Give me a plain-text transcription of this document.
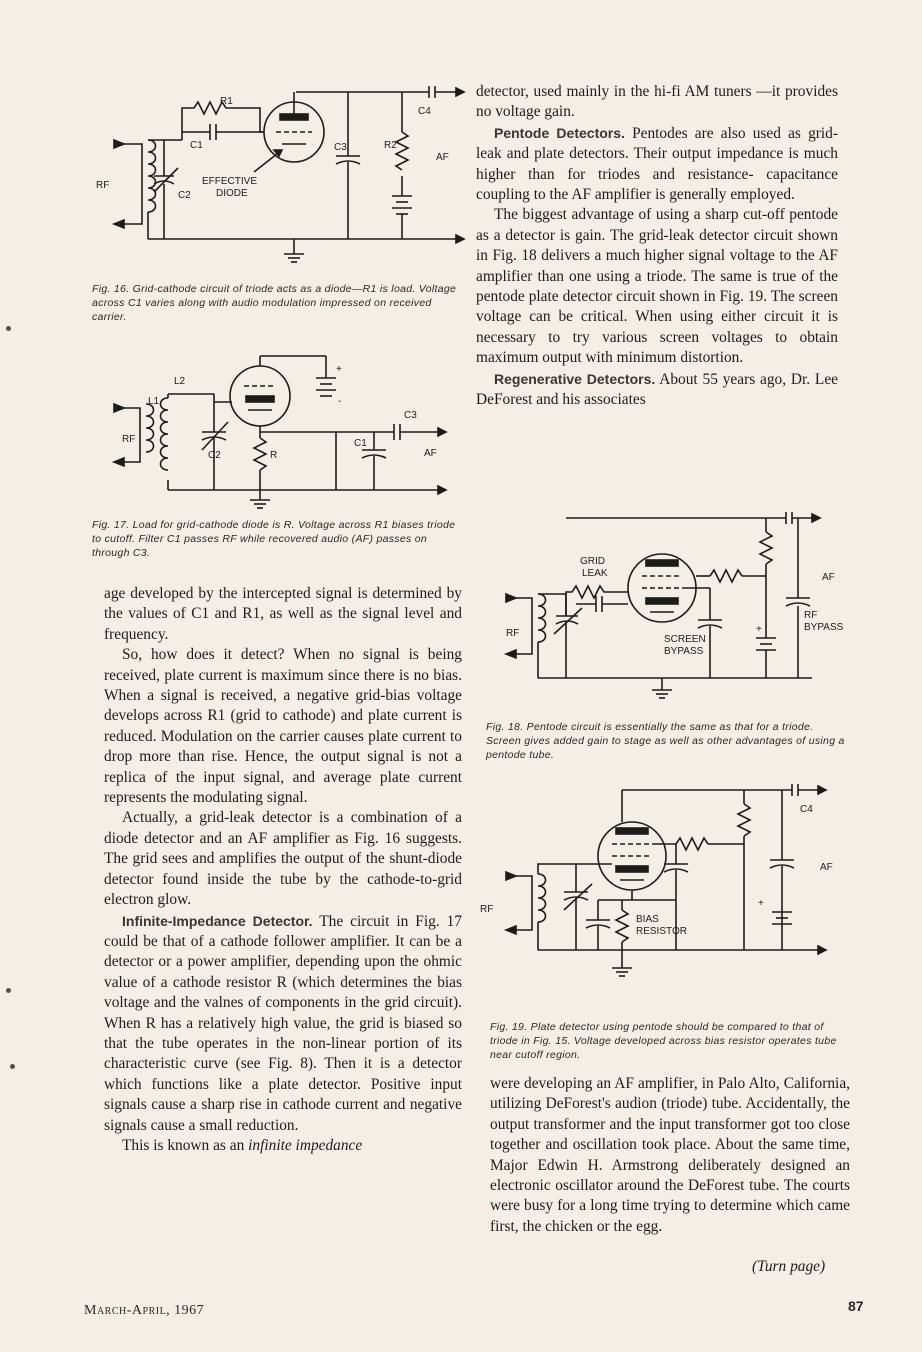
R1
C1	C3	R2
C4
AF
RF	EFFECTIVE
DIODE
C2
Fig. 16. Grid-cathode circuit of triode acts as a diode—R1 is load. Voltage across C1 varies along with audio modulation impressed on received carrier.
L2
L1
RF
C2	R
C1
C3
AF
+
-
Fig. 17. Load for grid-cathode diode is R. Voltage across R1 biases triode to cutoff. Filter C1 passes RF while recovered audio (AF) passes on through C3.

age developed by the intercepted signal is determined by the values of C1 and R1, as well as the signal level and frequency.

So, how does it detect? When no signal is being received, plate current is maximum since there is no bias. When a signal is received, a negative grid-bias voltage develops across R1 (grid to cathode) and plate current is reduced. Modulation on the carrier causes plate current to drop more than rise. Hence, the output signal is not a replica of the input signal, and average plate current represents the modulating signal.

Actually, a grid-leak detector is a combination of a diode detector and an AF amplifier as Fig. 16 suggests. The grid sees and amplifies the output of the shunt-diode detector found inside the tube by the cathode-to-grid electron glow.

Infinite-Impedance Detector. The circuit in Fig. 17 could be that of a cathode follower amplifier. It can be a detector or a power amplifier, depending upon the ohmic value of a cathode resistor R (which determines the bias voltage and the valnes of components in the grid circuit). When R has a relatively high value, the grid is biased so that the tube operates in the non-linear portion of its characteristic curve (see Fig. 8). Then it is a detector which functions like a plate detector. Positive input signals cause a sharp rise in cathode current and negative signals cause a small reduction.

This is known as an infinite impedance

detector, used mainly in the hi-fi AM tuners —it provides no voltage gain.

Pentode Detectors. Pentodes are also used as grid-leak and plate detectors. Their output impedance is much higher than for triodes and resistance- capacitance coupling to the AF amplifier is generally employed.

The biggest advantage of using a sharp cut-off pentode as a detector is gain. The grid-leak detector circuit shown in Fig. 18 delivers a much higher signal voltage to the AF amplifier than one using a triode. The same is true of the pentode plate detector circuit shown in Fig. 19. The screen voltage can be critical. When using either circuit it is necessary to try various screen voltages to obtain maximum output with minimum distortion.

Regenerative Detectors. About 55 years ago, Dr. Lee DeForest and his associates

GRID
LEAK
RF
SCREEN
BYPASS
AF
RF
BYPASS
+
Fig. 18. Pentode circuit is essentially the same as that for a triode. Screen gives added gain to stage as well as other advantages of using a pentode tube.
C4
AF
RF
BIAS
RESISTOR
+
Fig. 19. Plate detector using pentode should be compared to that of triode in Fig. 15. Voltage developed across bias resistor operates tube near cutoff region.

were developing an AF amplifier, in Palo Alto, California, utilizing DeForest's audion (triode) tube. Accidentally, the output transformer and the input transformer got too close together and oscillation took place. About the same time, Major Edwin H. Armstrong deliberately designed an electronic oscillator around the DeForest tube. The courts were busy for a long time trying to determine which came first, the chicken or the egg.

(Turn page)
March-April, 1967	87
